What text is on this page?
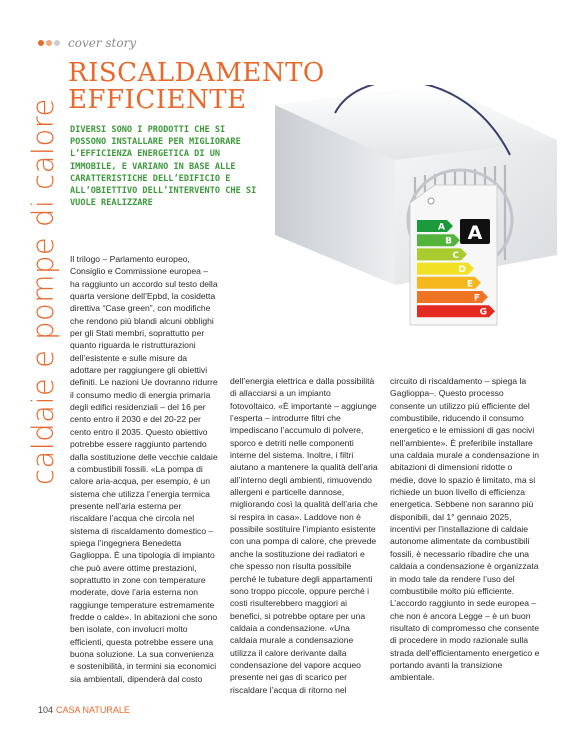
cover story
caldaie e pompe di calore
RISCALDAMENTO
EFFICIENTE

DIVERSI SONO I PRODOTTI CHE SI POSSONO INSTALLARE PER MIGLIORARE L’EFFICIENZA ENERGETICA DI UN IMMOBILE, E VARIANO IN BASE ALLE CARATTERISTICHE DELL’EDIFICIO E ALL’OBIETTIVO DELL’INTERVENTO CHE SI VUOLE REALIZZARE

A
A
B
C
D
E
F
G

Il trilogo – Parlamento europeo, Consiglio e Commissione europea – ha raggiunto un accordo sul testo della quarta versione dell’Epbd, la cosidetta direttiva “Case green”, con modifiche che rendono più blandi alcuni obblighi per gli Stati membri, soprattutto per quanto riguarda le ristrutturazioni dell’esistente e sulle misure da adottare per raggiungere gli obiettivi definiti. Le nazioni Ue dovranno ridurre il consumo medio di energia primaria degli edifici residenziali – del 16 per cento entro il 2030 e del 20-22 per cento entro il 2035. Questo obiettivo potrebbe essere raggiunto partendo dalla sostituzione delle vecchie caldaie a combustibili fossili. «La pompa di calore aria-acqua, per esempio, è un sistema che utilizza l’energia termica presente nell’aria esterna per riscaldare l’acqua che circola nel sistema di riscaldamento domestico – spiega l’ingegnera Benedetta Gaglioppa. È una tipologia di impianto che può avere ottime prestazioni, soprattutto in zone con temperature moderate, dove l’aria esterna non raggiunge temperature estremamente fredde o calde». In abitazioni che sono ben isolate, con involucri molto efficienti, questa potrebbe essere una buona soluzione. La sua convenienza e sostenibilità, in termini sia economici sia ambientali, dipenderà dal costo

dell’energia elettrica e dalla possibilità di allacciarsi a un impianto fotovoltaico. «È importante – aggiunge l’esperta – introdurre filtri che impediscano l’accumulo di polvere, sporco e detriti nelle componenti interne del sistema. Inoltre, i filtri aiutano a mantenere la qualità dell’aria all’interno degli ambienti, rimuovendo allergeni e particelle dannose, migliorando così la qualità dell’aria che si respira in casa». Laddove non è possibile sostituire l’impianto esistente con una pompa di calore, che prevede anche la sostituzione dei radiatori e che spesso non risulta possibile perché le tubature degli appartamenti sono troppo piccole, oppure perché i costi risulterebbero maggiori ai benefici, si potrebbe optare per una caldaia a condensazione. «Una caldaia murale a condensazione utilizza il calore derivante dalla condensazione del vapore acqueo presente nei gas di scarico per riscaldare l’acqua di ritorno nel

circuito di riscaldamento – spiega la Gaglioppa–. Questo processo consente un utilizzo più efficiente del combustibile, riducendo il consumo energetico e le emissioni di gas nocivi nell’ambiente». È preferibile installare una caldaia murale a condensazione in abitazioni di dimensioni ridotte o medie, dove lo spazio è limitato, ma si richiede un buon livello di efficienza energetica. Sebbene non saranno più disponibili, dal 1° gennaio 2025, incentivi per l’installazione di caldaie autonome alimentate da combustibili fossili, è necessario ribadire che una caldaia a condensazione è organizzata in modo tale da rendere l’uso del combustibile molto più efficiente. L’accordo raggiunto in sede europea – che non è ancora Legge – è un buon risultato di compromesso che consente di procedere in modo razionale sulla strada dell’efficientamento energetico e portando avanti la transizione ambientale.

104 CASA NATURALE
